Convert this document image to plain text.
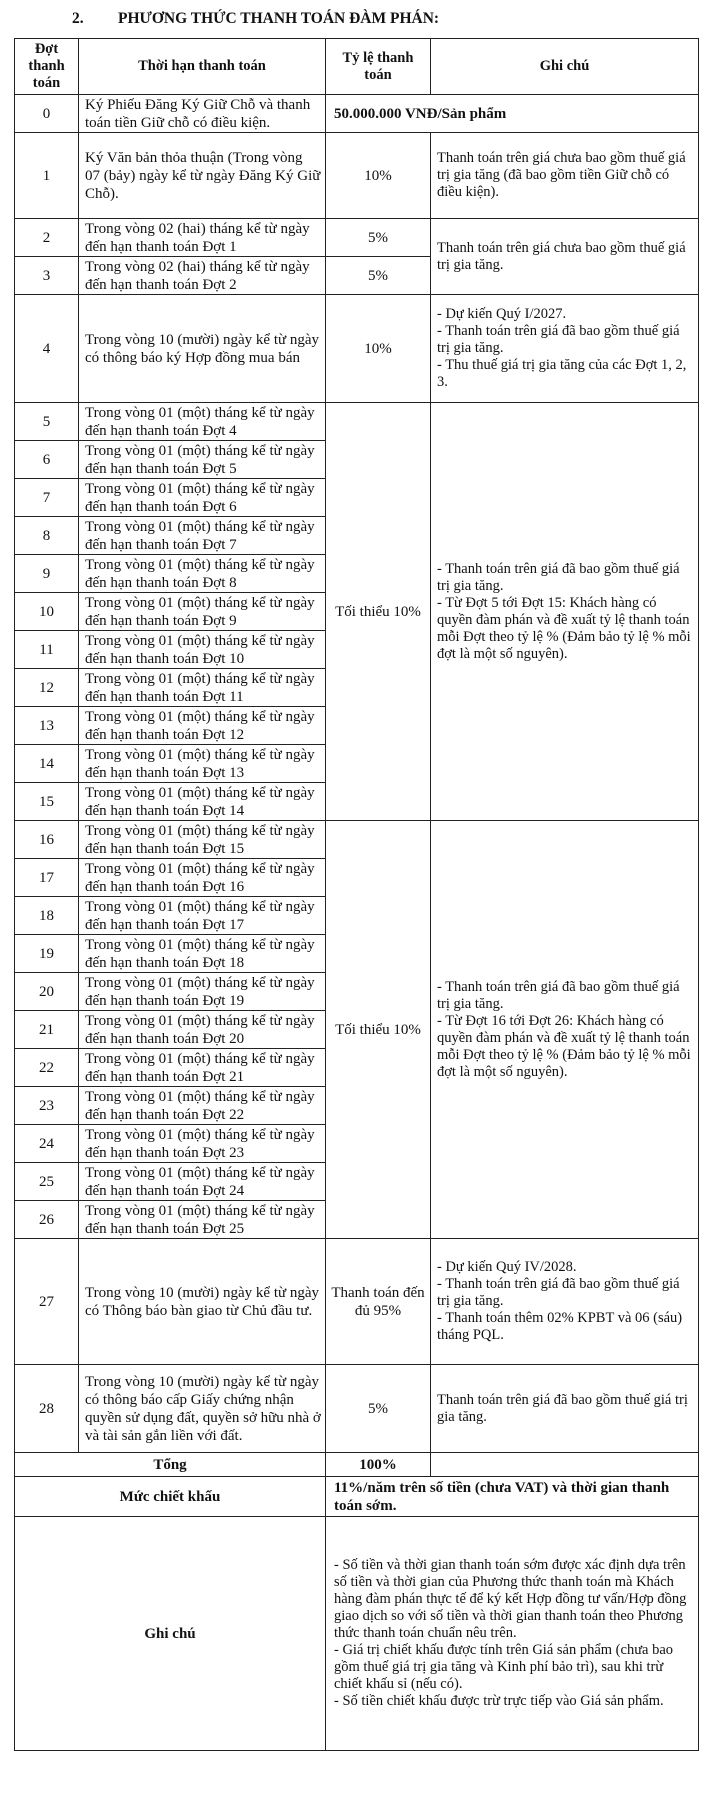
2. PHƯƠNG THỨC THANH TOÁN ĐÀM PHÁN:
Đợt thanh toán	Thời hạn thanh toán	Tỷ lệ thanh toán	Ghi chú
0	Ký Phiếu Đăng Ký Giữ Chỗ và thanh toán tiền Giữ chỗ có điều kiện.	50.000.000 VNĐ/Sản phẩm	
1	Ký Văn bản thỏa thuận (Trong vòng 07 (bảy) ngày kể từ ngày Đăng Ký Giữ Chỗ).	10%	Thanh toán trên giá chưa bao gồm thuế giá trị gia tăng (đã bao gồm tiền Giữ chỗ có điều kiện).
2	Trong vòng 02 (hai) tháng kể từ ngày đến hạn thanh toán Đợt 1	5%	Thanh toán trên giá chưa bao gồm thuế giá trị gia tăng.
3	Trong vòng 02 (hai) tháng kể từ ngày đến hạn thanh toán Đợt 2	5%	
4	Trong vòng 10 (mười) ngày kể từ ngày có thông báo ký Hợp đồng mua bán	10%	- Dự kiến Quý I/2027.
- Thanh toán trên giá đã bao gồm thuế giá trị gia tăng.
- Thu thuế giá trị gia tăng của các Đợt 1, 2, 3.

5	Trong vòng 01 (một) tháng kể từ ngày đến hạn thanh toán Đợt 4	Tối thiểu 10%	- Thanh toán trên giá đã bao gồm thuế giá trị gia tăng.
- Từ Đợt 5 tới Đợt 15: Khách hàng có quyền đàm phán và đề xuất tỷ lệ thanh toán mỗi Đợt theo tỷ lệ % (Đảm bảo tỷ lệ % mỗi đợt là một số nguyên).

6	Trong vòng 01 (một) tháng kể từ ngày đến hạn thanh toán Đợt 5		
7	Trong vòng 01 (một) tháng kể từ ngày đến hạn thanh toán Đợt 6		
8	Trong vòng 01 (một) tháng kể từ ngày đến hạn thanh toán Đợt 7		
9	Trong vòng 01 (một) tháng kể từ ngày đến hạn thanh toán Đợt 8		
10	Trong vòng 01 (một) tháng kể từ ngày đến hạn thanh toán Đợt 9		
11	Trong vòng 01 (một) tháng kể từ ngày đến hạn thanh toán Đợt 10		
12	Trong vòng 01 (một) tháng kể từ ngày đến hạn thanh toán Đợt 11		
13	Trong vòng 01 (một) tháng kể từ ngày đến hạn thanh toán Đợt 12		
14	Trong vòng 01 (một) tháng kể từ ngày đến hạn thanh toán Đợt 13		
15	Trong vòng 01 (một) tháng kể từ ngày đến hạn thanh toán Đợt 14		
16	Trong vòng 01 (một) tháng kể từ ngày đến hạn thanh toán Đợt 15	Tối thiểu 10%	- Thanh toán trên giá đã bao gồm thuế giá trị gia tăng.
- Từ Đợt 16 tới Đợt 26: Khách hàng có quyền đàm phán và đề xuất tỷ lệ thanh toán mỗi Đợt theo tỷ lệ % (Đảm bảo tỷ lệ % mỗi đợt là một số nguyên).

17	Trong vòng 01 (một) tháng kể từ ngày đến hạn thanh toán Đợt 16		
18	Trong vòng 01 (một) tháng kể từ ngày đến hạn thanh toán Đợt 17		
19	Trong vòng 01 (một) tháng kể từ ngày đến hạn thanh toán Đợt 18		
20	Trong vòng 01 (một) tháng kể từ ngày đến hạn thanh toán Đợt 19		
21	Trong vòng 01 (một) tháng kể từ ngày đến hạn thanh toán Đợt 20		
22	Trong vòng 01 (một) tháng kể từ ngày đến hạn thanh toán Đợt 21		
23	Trong vòng 01 (một) tháng kể từ ngày đến hạn thanh toán Đợt 22		
24	Trong vòng 01 (một) tháng kể từ ngày đến hạn thanh toán Đợt 23		
25	Trong vòng 01 (một) tháng kể từ ngày đến hạn thanh toán Đợt 24		
26	Trong vòng 01 (một) tháng kể từ ngày đến hạn thanh toán Đợt 25		
27	Trong vòng 10 (mười) ngày kể từ ngày có Thông báo bàn giao từ Chủ đầu tư.	Thanh toán đến đủ 95%	- Dự kiến Quý IV/2028.
- Thanh toán trên giá đã bao gồm thuế giá trị gia tăng.
- Thanh toán thêm 02% KPBT và 06 (sáu) tháng PQL.

28	Trong vòng 10 (mười) ngày kể từ ngày có thông báo cấp Giấy chứng nhận quyền sử dụng đất, quyền sở hữu nhà ở và tài sản gắn liền với đất.	5%	Thanh toán trên giá đã bao gồm thuế giá trị gia tăng.
Tổng		100%	
Mức chiết khấu		11%/năm trên số tiền (chưa VAT) và thời gian thanh toán sớm.	
Ghi chú		- Số tiền và thời gian thanh toán sớm được xác định dựa trên số tiền và thời gian của Phương thức thanh toán mà Khách hàng đàm phán thực tế để ký kết Hợp đồng tư vấn/Hợp đồng giao dịch so với số tiền và thời gian thanh toán theo Phương thức thanh toán chuẩn nêu trên.
- Giá trị chiết khấu được tính trên Giá sản phẩm (chưa bao gồm thuế giá trị gia tăng và Kinh phí bảo trì), sau khi trừ chiết khấu sỉ (nếu có).
- Số tiền chiết khấu được trừ trực tiếp vào Giá sản phẩm.	
